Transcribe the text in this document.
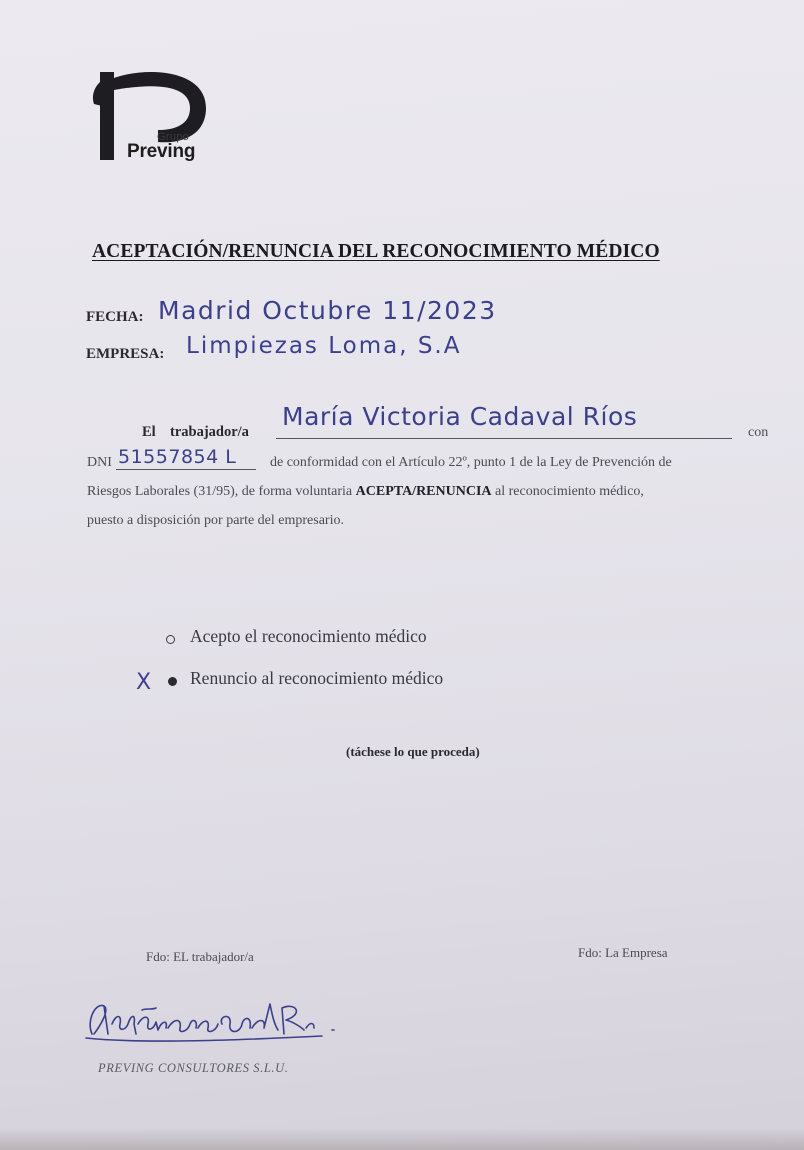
Grupo
Preving
ACEPTACIÓN/RENUNCIA DEL RECONOCIMIENTO MÉDICO
FECHA: Madrid Octubre 11/2023
EMPRESA: Limpiezas Loma, S.A
El trabajador/a
María Victoria Cadaval Ríos
con
DNI 51557854 L de conformidad con el Artículo 22º, punto 1 de la Ley de Prevención de
Riesgos Laborales (31/95), de forma voluntaria ACEPTA/RENUNCIA al reconocimiento médico,
puesto a disposición por parte del empresario.
Acepto el reconocimiento médico
X Renuncio al reconocimiento médico
(táchese lo que proceda)
Fdo: EL trabajador/a	Fdo: La Empresa
PREVING CONSULTORES S.L.U.
